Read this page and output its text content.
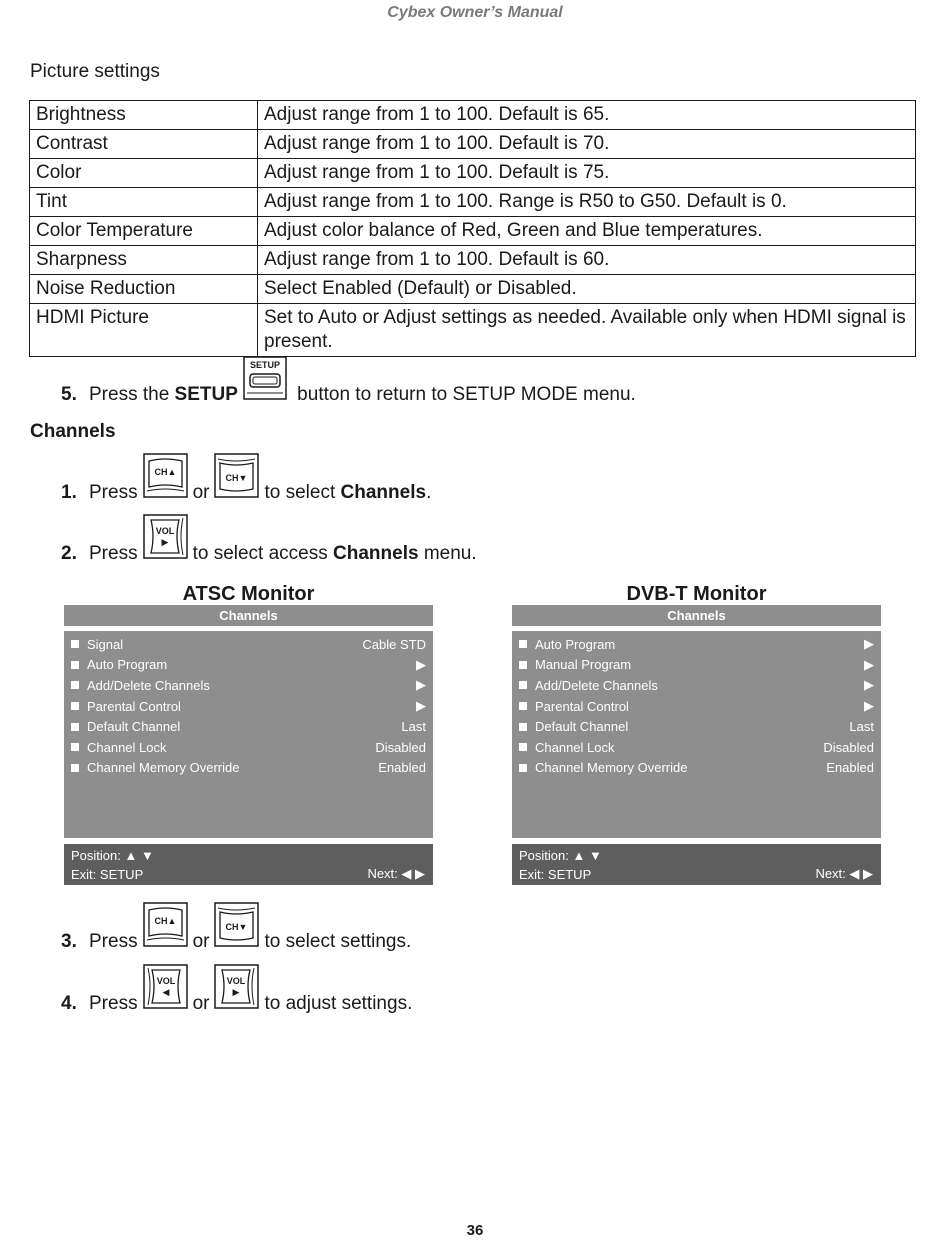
Cybex Owner’s Manual
Picture settings
Brightness	Adjust range from 1 to 100. Default is 65.
Contrast	Adjust range from 1 to 100. Default is 70.
Color	Adjust range from 1 to 100. Default is 75.
Tint	Adjust range from 1 to 100. Range is R50 to G50. Default is 0.
Color Temperature	Adjust color balance of Red, Green and Blue temperatures.
Sharpness	Adjust range from 1 to 100. Default is 60.
Noise Reduction	Select Enabled (Default) or Disabled.
HDMI Picture	Set to Auto or Adjust settings as needed. Available only when HDMI signal is present.
5. Press the SETUP
SETUP
button to return to SETUP MODE menu.
Channels
1. Press
CH▲
or
CH▼
to select Channels .
2. Press
VOL
▶ to select access Channels menu.
ATSC Monitor
Channels
Signal	Cable STD
Auto Program	▶
Add/Delete Channels	▶
Parental Control	▶
Default Channel	Last
Channel Lock	Disabled
Channel Memory Override	Enabled
Position: ▲ ▼
Exit: SETUP	Next: ◀ ▶
DVB-T Monitor
Channels
Auto Program	▶
Manual Program	▶
Add/Delete Channels	▶
Parental Control	▶
Default Channel	Last
Channel Lock	Disabled
Channel Memory Override	Enabled
Position: ▲ ▼
Exit: SETUP	Next: ◀ ▶
3. Press
CH▲
or
CH▼
to select settings.
4. Press
VOL
◀ or
VOL
▶ to adjust settings.
36
